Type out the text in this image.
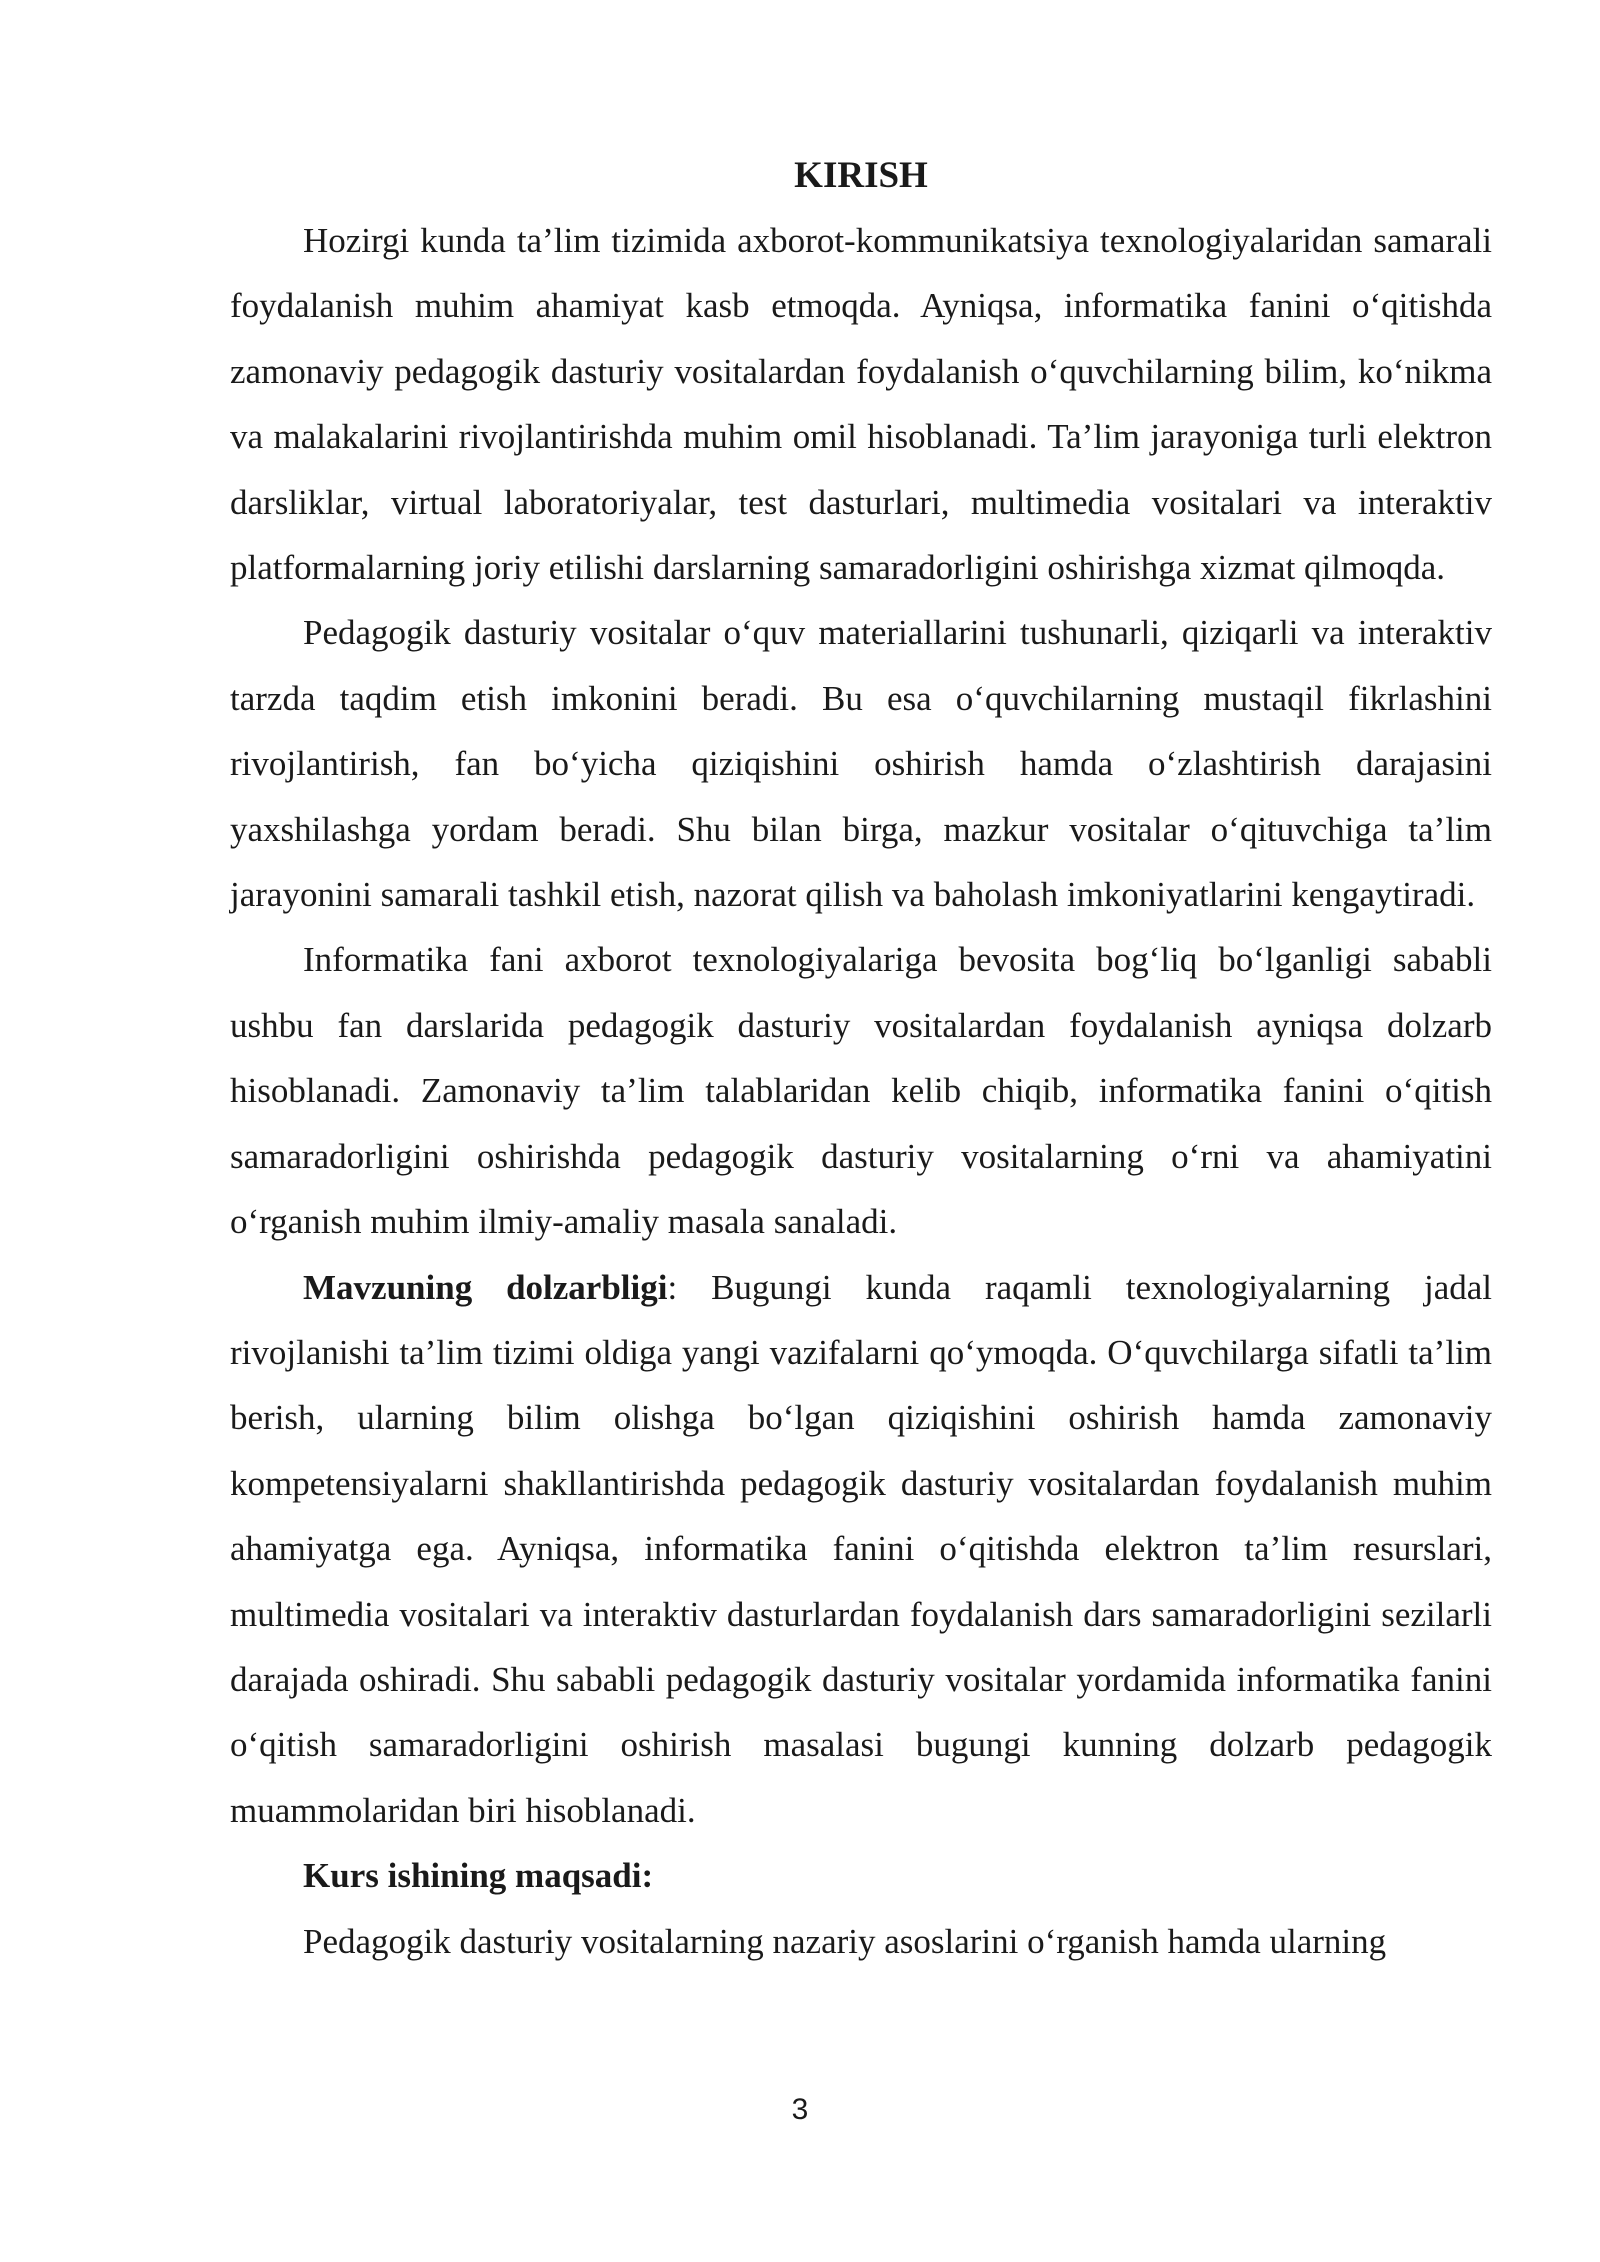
KIRISH

Hozirgi kunda ta’lim tizimida axborot-kommunikatsiya texnologiyalaridan samarali foydalanish muhim ahamiyat kasb etmoqda. Ayniqsa, informatika fanini o‘qitishda zamonaviy pedagogik dasturiy vositalardan foydalanish o‘quvchilarning bilim, ko‘nikma va malakalarini rivojlantirishda muhim omil hisoblanadi. Ta’lim jarayoniga turli elektron darsliklar, virtual laboratoriyalar, test dasturlari, multimedia vositalari va interaktiv platformalarning joriy etilishi darslarning samaradorligini oshirishga xizmat qilmoqda.

Pedagogik dasturiy vositalar o‘quv materiallarini tushunarli, qiziqarli va interaktiv tarzda taqdim etish imkonini beradi. Bu esa o‘quvchilarning mustaqil fikrlashini rivojlantirish, fan bo‘yicha qiziqishini oshirish hamda o‘zlashtirish darajasini yaxshilashga yordam beradi. Shu bilan birga, mazkur vositalar o‘qituvchiga ta’lim jarayonini samarali tashkil etish, nazorat qilish va baholash imkoniyatlarini kengaytiradi.

Informatika fani axborot texnologiyalariga bevosita bog‘liq bo‘lganligi sababli ushbu fan darslarida pedagogik dasturiy vositalardan foydalanish ayniqsa dolzarb hisoblanadi. Zamonaviy ta’lim talablaridan kelib chiqib, informatika fanini o‘qitish samaradorligini oshirishda pedagogik dasturiy vositalarning o‘rni va ahamiyatini o‘rganish muhim ilmiy-amaliy masala sanaladi.

Mavzuning dolzarbligi: Bugungi kunda raqamli texnologiyalarning jadal rivojlanishi ta’lim tizimi oldiga yangi vazifalarni qo‘ymoqda. O‘quvchilarga sifatli ta’lim berish, ularning bilim olishga bo‘lgan qiziqishini oshirish hamda zamonaviy kompetensiyalarni shakllantirishda pedagogik dasturiy vositalardan foydalanish muhim ahamiyatga ega. Ayniqsa, informatika fanini o‘qitishda elektron ta’lim resurslari, multimedia vositalari va interaktiv dasturlardan foydalanish dars samaradorligini sezilarli darajada oshiradi. Shu sababli pedagogik dasturiy vositalar yordamida informatika fanini o‘qitish samaradorligini oshirish masalasi bugungi kunning dolzarb pedagogik muammolaridan biri hisoblanadi.

Kurs ishining maqsadi:

Pedagogik dasturiy vositalarning nazariy asoslarini o‘rganish hamda ularning

3
